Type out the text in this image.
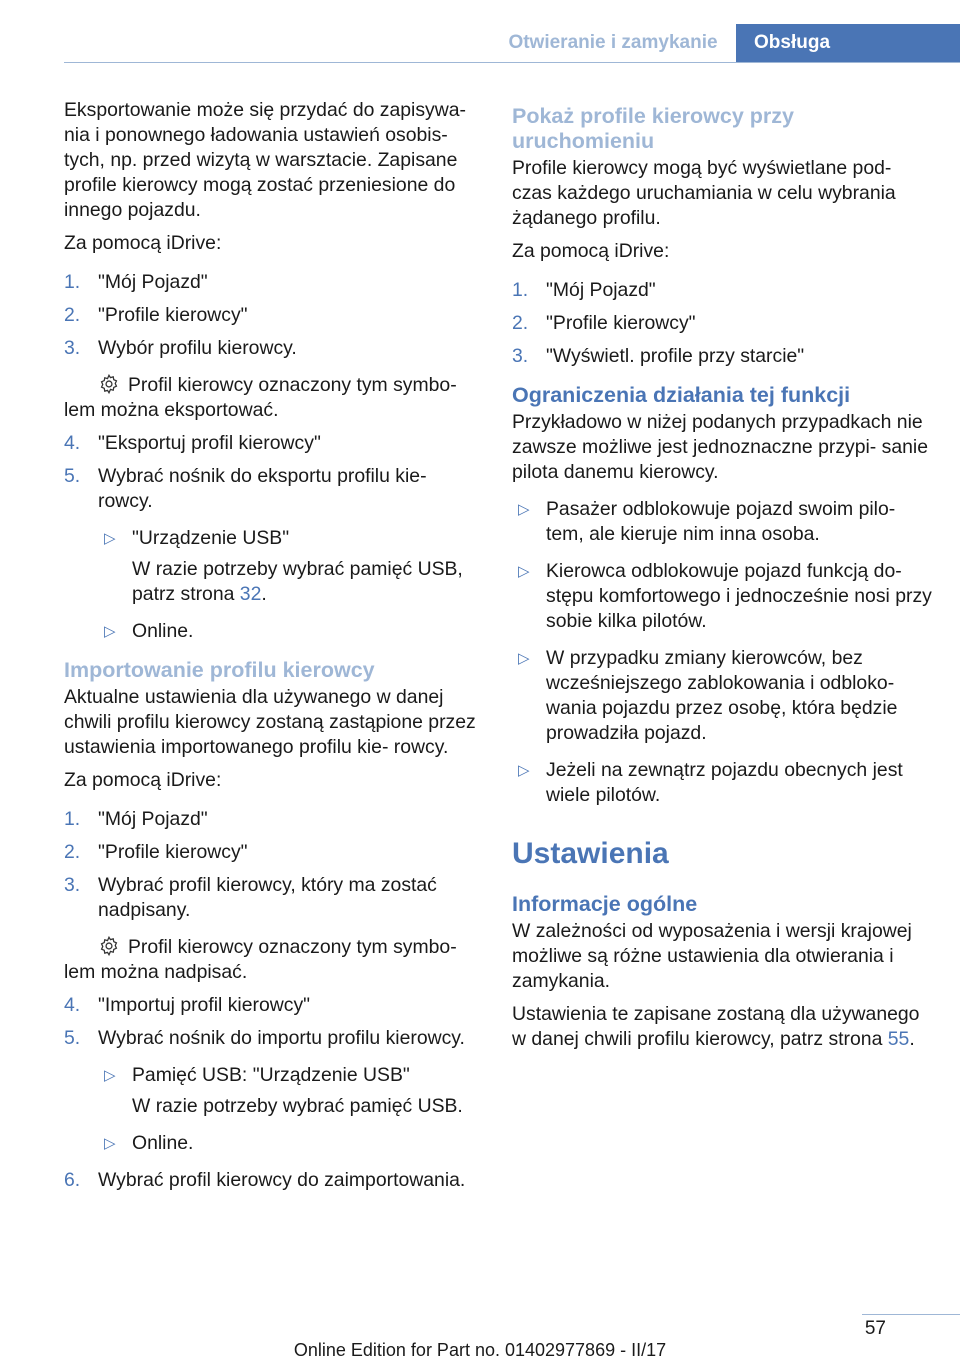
Otwieranie i zamykanie	Obsługa

Eksportowanie może się przydać do zapisywa‐ nia i ponownego ładowania ustawień osobis‐ tych, np. przed wizytą w warsztacie. Zapisane profile kierowcy mogą zostać przeniesione do innego pojazdu.

Za pomocą iDrive:

1. "Mój Pojazd"
2. "Profile kierowcy"
3. Wybór profilu kierowcy.
Profil kierowcy oznaczony tym symbo‐ lem można eksportować.
4. "Eksportuj profil kierowcy"
5. Wybrać nośnik do eksportu profilu kie‐ rowcy.
▷ "Urządzenie USB"
W razie potrzeby wybrać pamięć USB, patrz strona 32.
▷ Online.
Importowanie profilu kierowcy

Aktualne ustawienia dla używanego w danej chwili profilu kierowcy zostaną zastąpione przez ustawienia importowanego profilu kie‐ rowcy.

Za pomocą iDrive:

1. "Mój Pojazd"
2. "Profile kierowcy"
3. Wybrać profil kierowcy, który ma zostać nadpisany.
Profil kierowcy oznaczony tym symbo‐ lem można nadpisać.
4. "Importuj profil kierowcy"
5. Wybrać nośnik do importu profilu kierowcy.
▷ Pamięć USB: "Urządzenie USB"
W razie potrzeby wybrać pamięć USB.
▷ Online.
6. Wybrać profil kierowcy do zaimportowania.
Pokaż profile kierowcy przy uruchomieniu

Profile kierowcy mogą być wyświetlane pod‐ czas każdego uruchamiania w celu wybrania żądanego profilu.

Za pomocą iDrive:

1. "Mój Pojazd"
2. "Profile kierowcy"
3. "Wyświetl. profile przy starcie"
Ograniczenia działania tej funkcji

Przykładowo w niżej podanych przypadkach nie zawsze możliwe jest jednoznaczne przypi‐ sanie pilota danemu kierowcy.

▷ Pasażer odblokowuje pojazd swoim pilo‐ tem, ale kieruje nim inna osoba.
▷ Kierowca odblokowuje pojazd funkcją do‐ stępu komfortowego i jednocześnie nosi przy sobie kilka pilotów.
▷ W przypadku zmiany kierowców, bez wcześniejszego zablokowania i odbloko‐ wania pojazdu przez osobę, która będzie prowadziła pojazd.
▷ Jeżeli na zewnątrz pojazdu obecnych jest wiele pilotów.
Ustawienia
Informacje ogólne

W zależności od wyposażenia i wersji krajowej możliwe są różne ustawienia dla otwierania i zamykania.

Ustawienia te zapisane zostaną dla używanego w danej chwili profilu kierowcy, patrz strona 55.

57
Online Edition for Part no. 01402977869 - II/17
